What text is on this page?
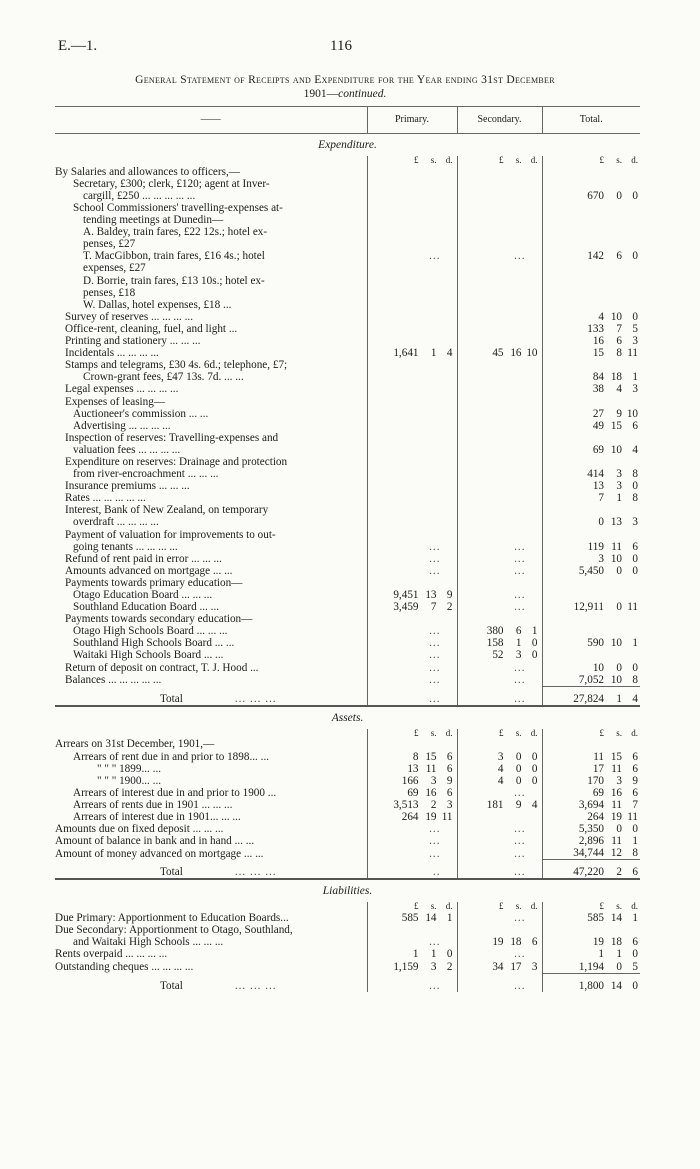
E.—1.	116
General Statement of Receipts and Expenditure for the Year ending 31st December
1901—continued.
——	Primary.	Secondary.	Total.
Expenditure.			

	£ s. d.	£ s. d.	£ s. d.

By Salaries and allowances to officers,—			
Secretary, £300; clerk, £120; agent at Inver-			
cargill, £250 ... ... ... ... ...			670 0 0

School Commissioners' travelling-expenses at-			
tending meetings at Dunedin—			
A. Baldey, train fares, £22 12s.; hotel ex-			
penses, £27			
T. MacGibbon, train fares, £16 4s.; hotel	...	...	142 6 0

expenses, £27			
D. Borrie, train fares, £13 10s.; hotel ex-			
penses, £18			
W. Dallas, hotel expenses, £18 ...			
Survey of reserves ... ... ... ...			4 10 0

Office-rent, cleaning, fuel, and light ...			133 7 5

Printing and stationery ... ... ...			16 6 3

Incidentals ... ... ... ...	1,641 1 4	45 16 10	15 8 11

Stamps and telegrams, £30 4s. 6d.; telephone, £7;			
Crown-grant fees, £47 13s. 7d. ... ...			84 18 1

Legal expenses ... ... ... ...			38 4 3

Expenses of leasing—			
Auctioneer's commission ... ...			27 9 10

Advertising ... ... ... ...			49 15 6

Inspection of reserves: Travelling-expenses and			
valuation fees ... ... ... ...			69 10 4

Expenditure on reserves: Drainage and protection			
from river-encroachment ... ... ...			414 3 8

Insurance premiums ... ... ...			13 3 0

Rates ... ... ... ... ...			7 1 8

Interest, Bank of New Zealand, on temporary			
overdraft ... ... ... ...			0 13 3

Payment of valuation for improvements to out-			
going tenants ... ... ... ...	...	...	119 11 6

Refund of rent paid in error ... ... ...	...	...	3 10 0

Amounts advanced on mortgage ... ...	...	...	5,450 0 0

Payments towards primary education—			
Otago Education Board ... ... ...	9,451 13 9	...	

Southland Education Board ... ...	3,459 7 2	...	12,911 0 11

Payments towards secondary education—			
Otago High Schools Board ... ... ...	...	380 6 1	

Southland High Schools Board ... ...	...	158 1 0	590 10 1

Waitaki High Schools Board ... ...	...	52 3 0	

Return of deposit on contract, T. J. Hood ...	...	...	10 0 0

Balances ... ... ... ... ...	...	...	7,052 10 8

Total ... ... ...	...	...	27,824 1 4

Assets.			

	£ s. d.	£ s. d.	£ s. d.

Arrears on 31st December, 1901,—			
Arrears of rent due in and prior to 1898... ...	8 15 6	3 0 0	11 15 6

" " " 1899... ...	13 11 6	4 0 0	17 11 6

" " " 1900... ...	166 3 9	4 0 0	170 3 9

Arrears of interest due in and prior to 1900 ...	69 16 6	...	69 16 6

Arrears of rents due in 1901 ... ... ...	3,513 2 3	181 9 4	3,694 11 7

Arrears of interest due in 1901... ... ...	264 19 11		264 19 11

Amounts due on fixed deposit ... ... ...	...	...	5,350 0 0

Amount of balance in bank and in hand ... ...	...	...	2,896 11 1

Amount of money advanced on mortgage ... ...	...	...	34,744 12 8

Total ... ... ...	..	...	47,220 2 6

Liabilities.			

	£ s. d.	£ s. d.	£ s. d.

Due Primary: Apportionment to Education Boards...	585 14 1	...	585 14 1

Due Secondary: Apportionment to Otago, Southland,			
and Waitaki High Schools ... ... ...	...	19 18 6	19 18 6

Rents overpaid ... ... ... ...	1 1 0	...	1 1 0

Outstanding cheques ... ... ... ...	1,159 3 2	34 17 3	1,194 0 5

Total ... ... ...	...	...	1,800 14 0
